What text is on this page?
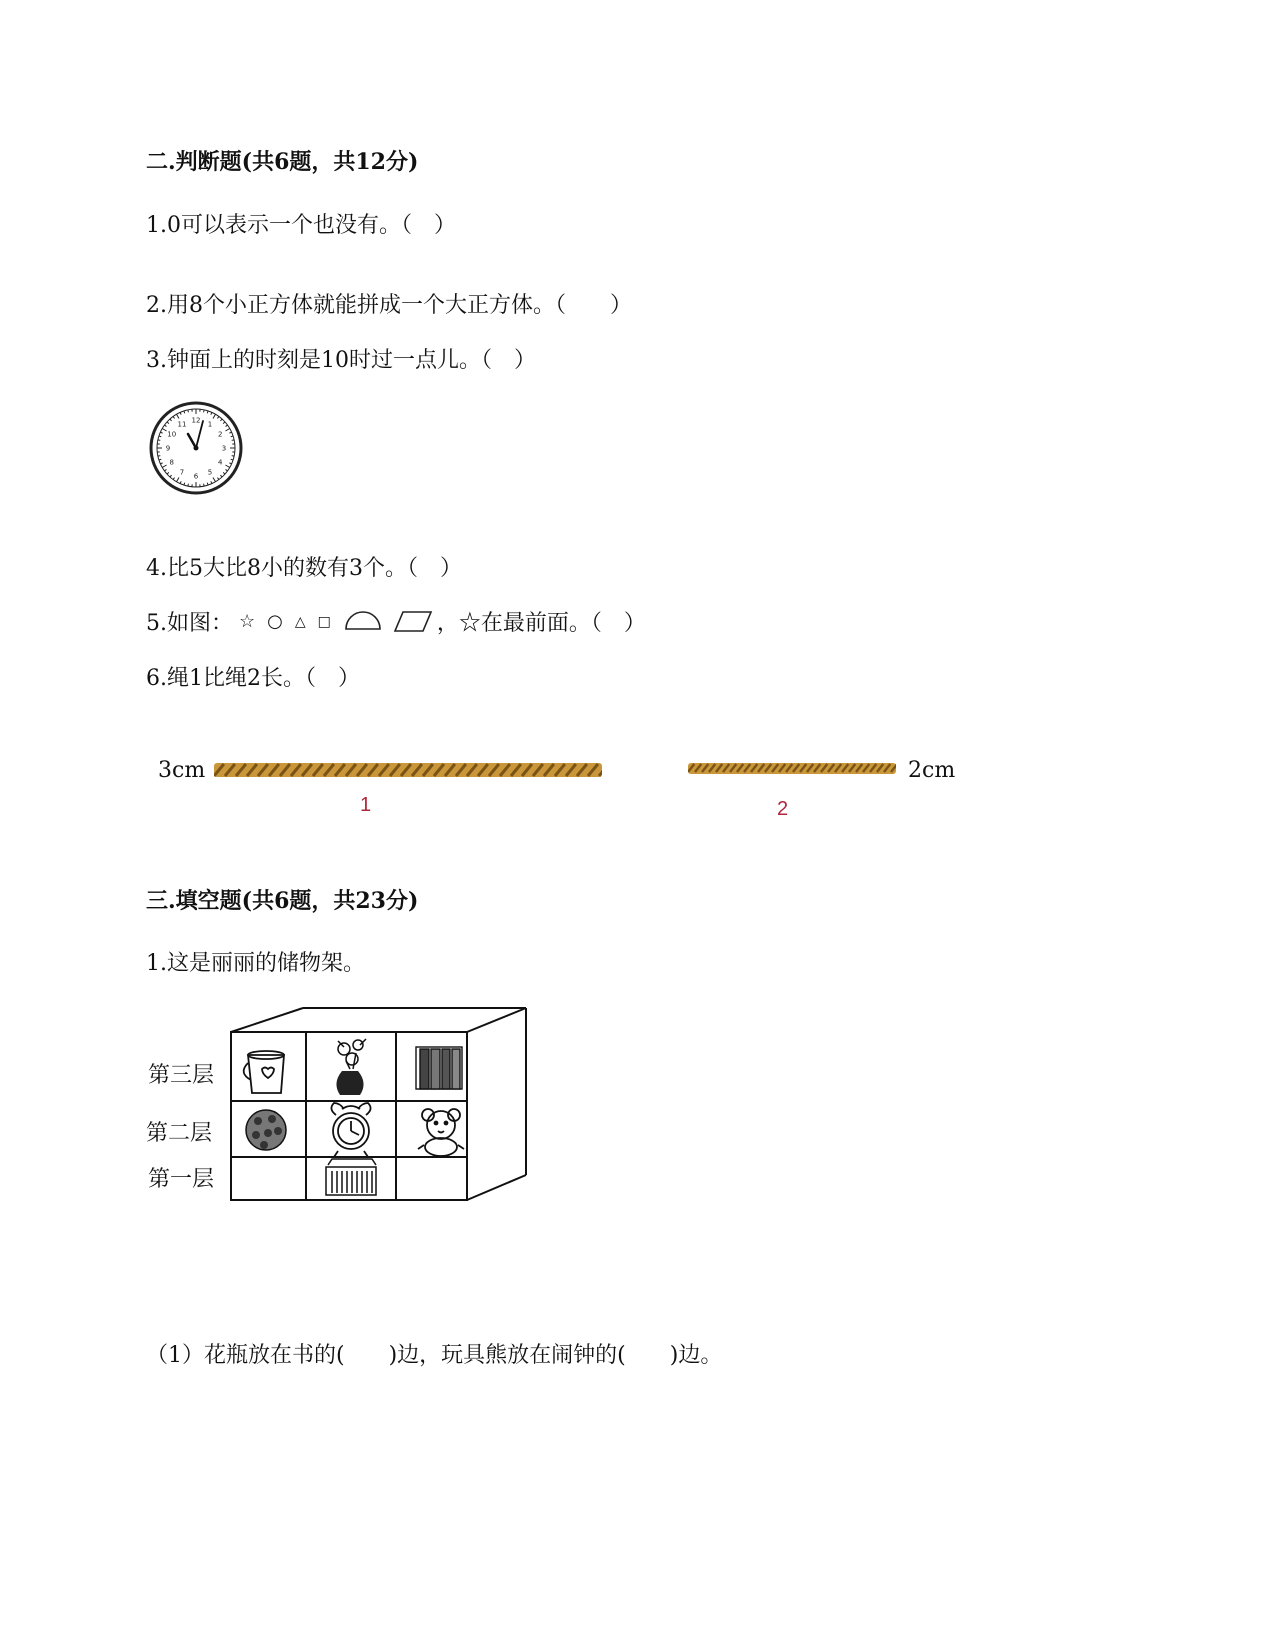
二.判断题(共6题，共12分)
1.0可以表示一个也没有。（　）
2.用8个小正方体就能拼成一个大正方体。（　　）
3.钟面上的时刻是10时过一点儿。（　）
12 1
2
3
4
5
6
7
8
9
10
11
4.比5大比8小的数有3个。（　）
5.如图： ☆ ○ △ □	，☆在最前面。（　）
6.绳1比绳2长。（　）
3cm
1
2cm
2
三.填空题(共6题，共23分)
1.这是丽丽的储物架。
第三层
第二层
第一层
（1）花瓶放在书的(　　)边，玩具熊放在闹钟的(　　)边。
